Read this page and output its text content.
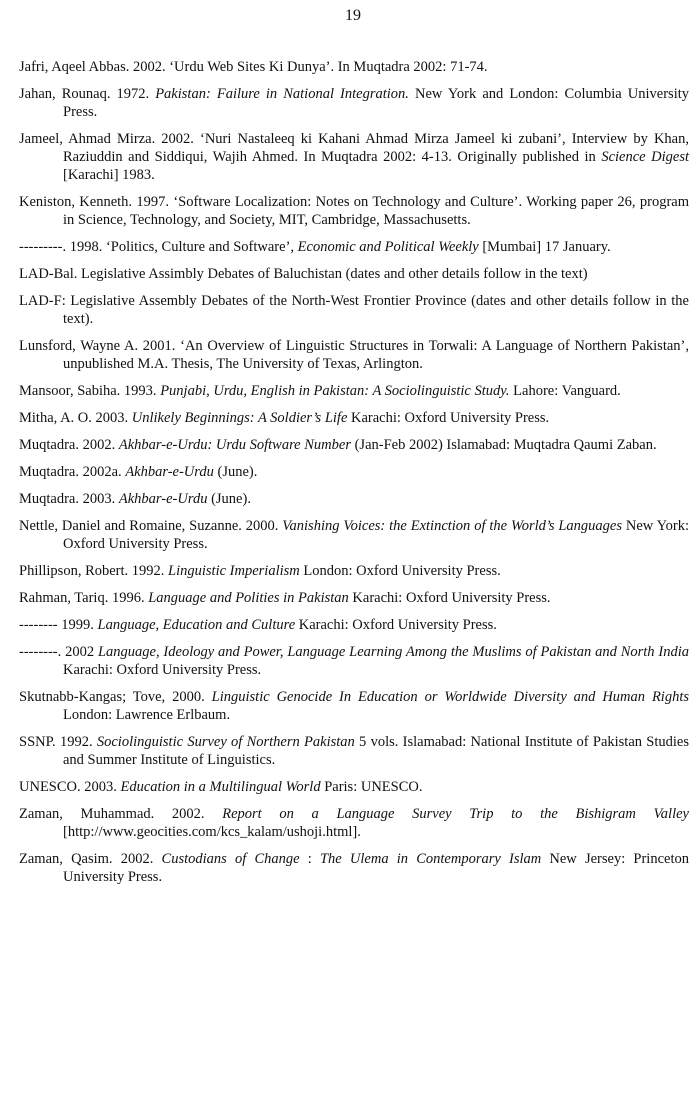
19
Jafri, Aqeel Abbas. 2002. ‘Urdu Web Sites Ki Dunya’. In Muqtadra 2002: 71-74.
Jahan, Rounaq. 1972. Pakistan: Failure in National Integration. New York and London: Columbia University Press.
Jameel, Ahmad Mirza. 2002. ‘Nuri Nastaleeq ki Kahani Ahmad Mirza Jameel ki zubani’, Interview by Khan, Raziuddin and Siddiqui, Wajih Ahmed. In Muqtadra 2002: 4-13. Originally published in Science Digest [Karachi] 1983.
Keniston, Kenneth. 1997. ‘Software Localization: Notes on Technology and Culture’. Working paper 26, program in Science, Technology, and Society, MIT, Cambridge, Massachusetts.
---------. 1998. ‘Politics, Culture and Software’, Economic and Political Weekly [Mumbai] 17 January.
LAD-Bal. Legislative Assimbly Debates of Baluchistan (dates and other details follow in the text)
LAD-F: Legislative Assembly Debates of the North-West Frontier Province (dates and other details follow in the text).
Lunsford, Wayne A. 2001. ‘An Overview of Linguistic Structures in Torwali: A Language of Northern Pakistan’, unpublished M.A. Thesis, The University of Texas, Arlington.
Mansoor, Sabiha. 1993. Punjabi, Urdu, English in Pakistan: A Sociolinguistic Study. Lahore: Vanguard.
Mitha, A. O. 2003. Unlikely Beginnings: A Soldier’s Life Karachi: Oxford University Press.
Muqtadra. 2002. Akhbar-e-Urdu: Urdu Software Number (Jan-Feb 2002) Islamabad: Muqtadra Qaumi Zaban.
Muqtadra. 2002a. Akhbar-e-Urdu (June).
Muqtadra. 2003. Akhbar-e-Urdu (June).
Nettle, Daniel and Romaine, Suzanne. 2000. Vanishing Voices: the Extinction of the World’s Languages New York: Oxford University Press.
Phillipson, Robert. 1992. Linguistic Imperialism London: Oxford University Press.
Rahman, Tariq. 1996. Language and Polities in Pakistan Karachi: Oxford University Press.
-------- 1999. Language, Education and Culture Karachi: Oxford University Press.
--------. 2002 Language, Ideology and Power, Language Learning Among the Muslims of Pakistan and North India Karachi: Oxford University Press.
Skutnabb-Kangas; Tove, 2000. Linguistic Genocide In Education or Worldwide Diversity and Human Rights London: Lawrence Erlbaum.
SSNP. 1992. Sociolinguistic Survey of Northern Pakistan 5 vols. Islamabad: National Institute of Pakistan Studies and Summer Institute of Linguistics.
UNESCO. 2003. Education in a Multilingual World Paris: UNESCO.
Zaman, Muhammad. 2002. Report on a Language Survey Trip to the Bishigram Valley [http://www.geocities.com/kcs_kalam/ushoji.html].
Zaman, Qasim. 2002. Custodians of Change : The Ulema in Contemporary Islam New Jersey: Princeton University Press.
